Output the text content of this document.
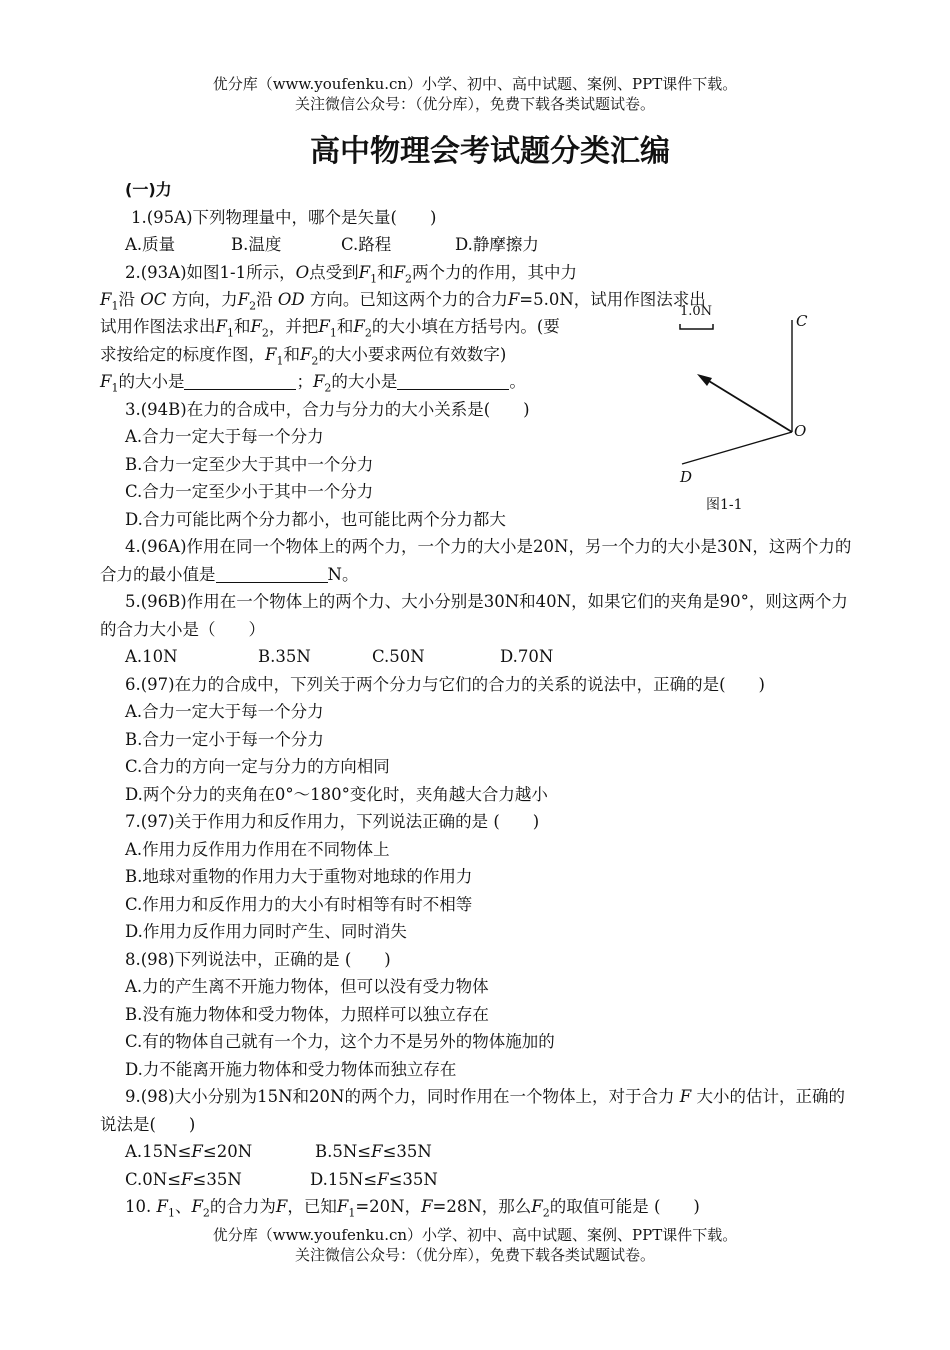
优分库（www.youfenku.cn）小学、初中、高中试题、案例、PPT课件下载。
关注微信公众号：（优分库），免费下载各类试题试卷。
高中物理会考试题分类汇编
(一)力
1.(95A)下列物理量中，哪个是矢量(　　)
A.质量	B.温度	C.路程	D.静摩擦力
2.(93A)如图1-1所示，O点受到$F_1$和$F_2$两个力的作用，其中力
$F_1$沿 OC 方向，力$F_2$沿 OD 方向。已知这两个力的合力F=5.0N，试用作图法求出
试用作图法求出$F_1$和$F_2$，并把$F_1$和$F_2$的大小填在方括号内。(要
求按给定的标度作图，$F_1$和$F_2$的大小要求两位有效数字)
$F_1$的大小是	；$F_2$的大小是	。
3.(94B)在力的合成中，合力与分力的大小关系是(　　)
A.合力一定大于每一个分力
B.合力一定至少大于其中一个分力
C.合力一定至少小于其中一个分力
D.合力可能比两个分力都小，也可能比两个分力都大
4.(96A)作用在同一个物体上的两个力，一个力的大小是20N，另一个力的大小是30N，这两个力的合力的最小值是	N。
5.(96B)作用在一个物体上的两个力、大小分别是30N和40N，如果它们的夹角是90°，则这两个力的合力大小是（　　）
A.10N	B.35N	C.50N	D.70N
6.(97)在力的合成中，下列关于两个分力与它们的合力的关系的说法中，正确的是(　　)
A.合力一定大于每一个分力
B.合力一定小于每一个分力
C.合力的方向一定与分力的方向相同
D.两个分力的夹角在0°～180°变化时，夹角越大合力越小
7.(97)关于作用力和反作用力，下列说法正确的是 (　　)
A.作用力反作用力作用在不同物体上
B.地球对重物的作用力大于重物对地球的作用力
C.作用力和反作用力的大小有时相等有时不相等
D.作用力反作用力同时产生、同时消失
8.(98)下列说法中，正确的是 (　　)
A.力的产生离不开施力物体，但可以没有受力物体
B.没有施力物体和受力物体，力照样可以独立存在
C.有的物体自己就有一个力，这个力不是另外的物体施加的
D.力不能离开施力物体和受力物体而独立存在
9.(98)大小分别为15N和20N的两个力，同时作用在一个物体上，对于合力 F 大小的估计，正确的说法是(　　)
A.15N≤F≤20N	B.5N≤F≤35N
C.0N≤F≤35N	D.15N≤F≤35N
10. $F_1$、$F_2$的合力为F，已知$F_1=20N$，F=28N，那么$F_2$的取值可能是 (　　)
1.0N
C
O
D
图1-1
优分库（www.youfenku.cn）小学、初中、高中试题、案例、PPT课件下载。
关注微信公众号：（优分库），免费下载各类试题试卷。
